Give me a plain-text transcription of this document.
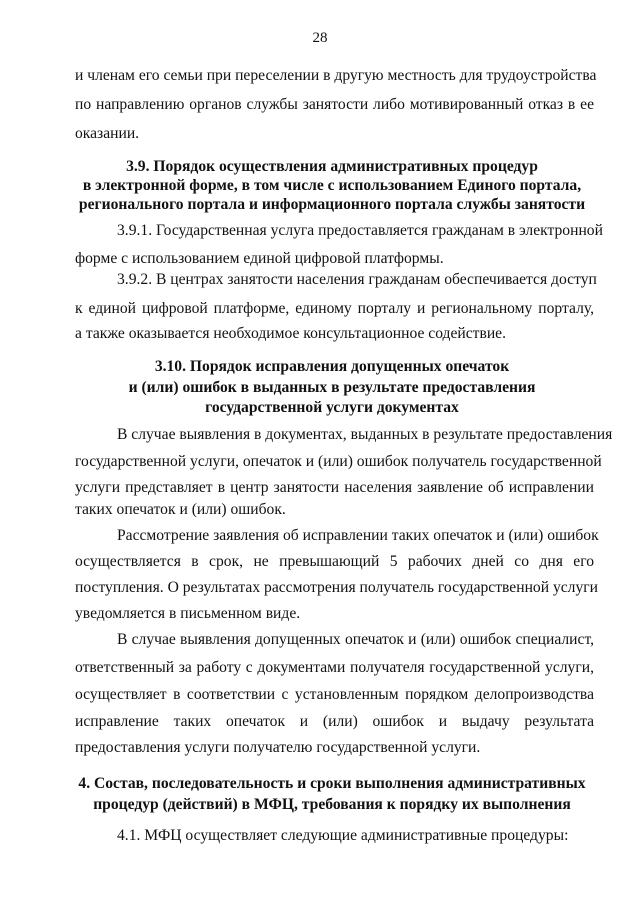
28
и членам его семьи при переселении в другую местность для трудоустройства
по направлению органов службы занятости либо мотивированный отказ в ее
оказании.
3.9. Порядок осуществления административных процедур
в электронной форме, в том числе с использованием Единого портала,
регионального портала и информационного портала службы занятости
3.9.1. Государственная услуга предоставляется гражданам в электронной
форме с использованием единой цифровой платформы.
3.9.2. В центрах занятости населения гражданам обеспечивается доступ
к единой цифровой платформе, единому порталу и региональному порталу,
а также оказывается необходимое консультационное содействие.
3.10. Порядок исправления допущенных опечаток
и (или) ошибок в выданных в результате предоставления
государственной услуги документах
В случае выявления в документах, выданных в результате предоставления
государственной услуги, опечаток и (или) ошибок получатель государственной
услуги представляет в центр занятости населения заявление об исправлении
таких опечаток и (или) ошибок.
Рассмотрение заявления об исправлении таких опечаток и (или) ошибок
осуществляется в срок, не превышающий 5 рабочих дней со дня его
поступления. О результатах рассмотрения получатель государственной услуги
уведомляется в письменном виде.
В случае выявления допущенных опечаток и (или) ошибок специалист,
ответственный за работу с документами получателя государственной услуги,
осуществляет в соответствии с установленным порядком делопроизводства
исправление таких опечаток и (или) ошибок и выдачу результата
предоставления услуги получателю государственной услуги.
4. Состав, последовательность и сроки выполнения административных
процедур (действий) в МФЦ, требования к порядку их выполнения
4.1. МФЦ осуществляет следующие административные процедуры:
